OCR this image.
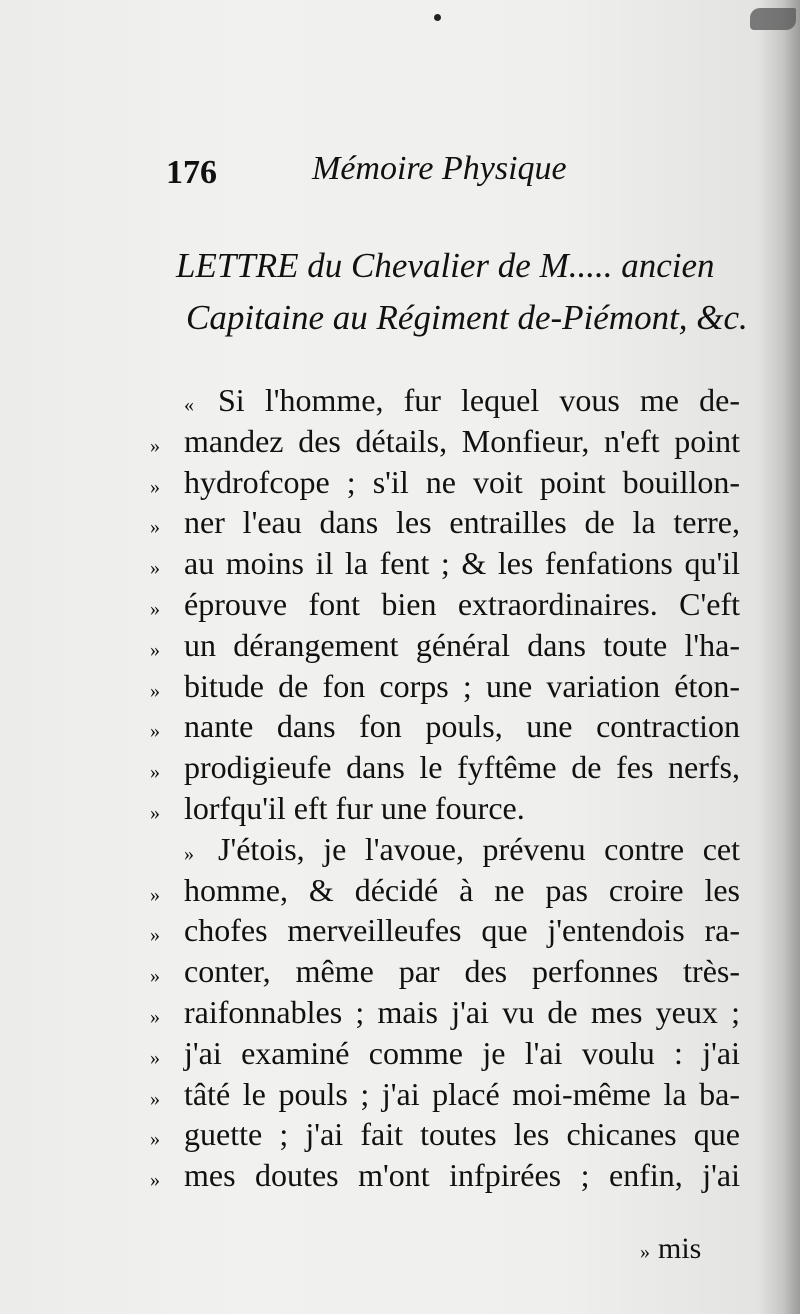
176	Mémoire Physique
LETTRE du Chevalier de M..... ancien
Capitaine au Régiment de-Piémont, &c.
« Si l'homme, fur lequel vous me de-
» mandez des détails, Monfieur, n'eft point
» hydrofcope ; s'il ne voit point bouillon-
» ner l'eau dans les entrailles de la terre,
» au moins il la fent ; & les fenfations qu'il
» éprouve font bien extraordinaires. C'eft
» un dérangement général dans toute l'ha-
» bitude de fon corps ; une variation éton-
» nante dans fon pouls, une contraction
» prodigieufe dans le fyftême de fes nerfs,
» lorfqu'il eft fur une fource.
» J'étois, je l'avoue, prévenu contre cet
» homme, & décidé à ne pas croire les
» chofes merveilleufes que j'entendois ra-
» conter, même par des perfonnes très-
» raifonnables ; mais j'ai vu de mes yeux ;
» j'ai examiné comme je l'ai voulu : j'ai
» tâté le pouls ; j'ai placé moi-même la ba-
» guette ; j'ai fait toutes les chicanes que
» mes doutes m'ont infpirées ; enfin, j'ai
» mis
